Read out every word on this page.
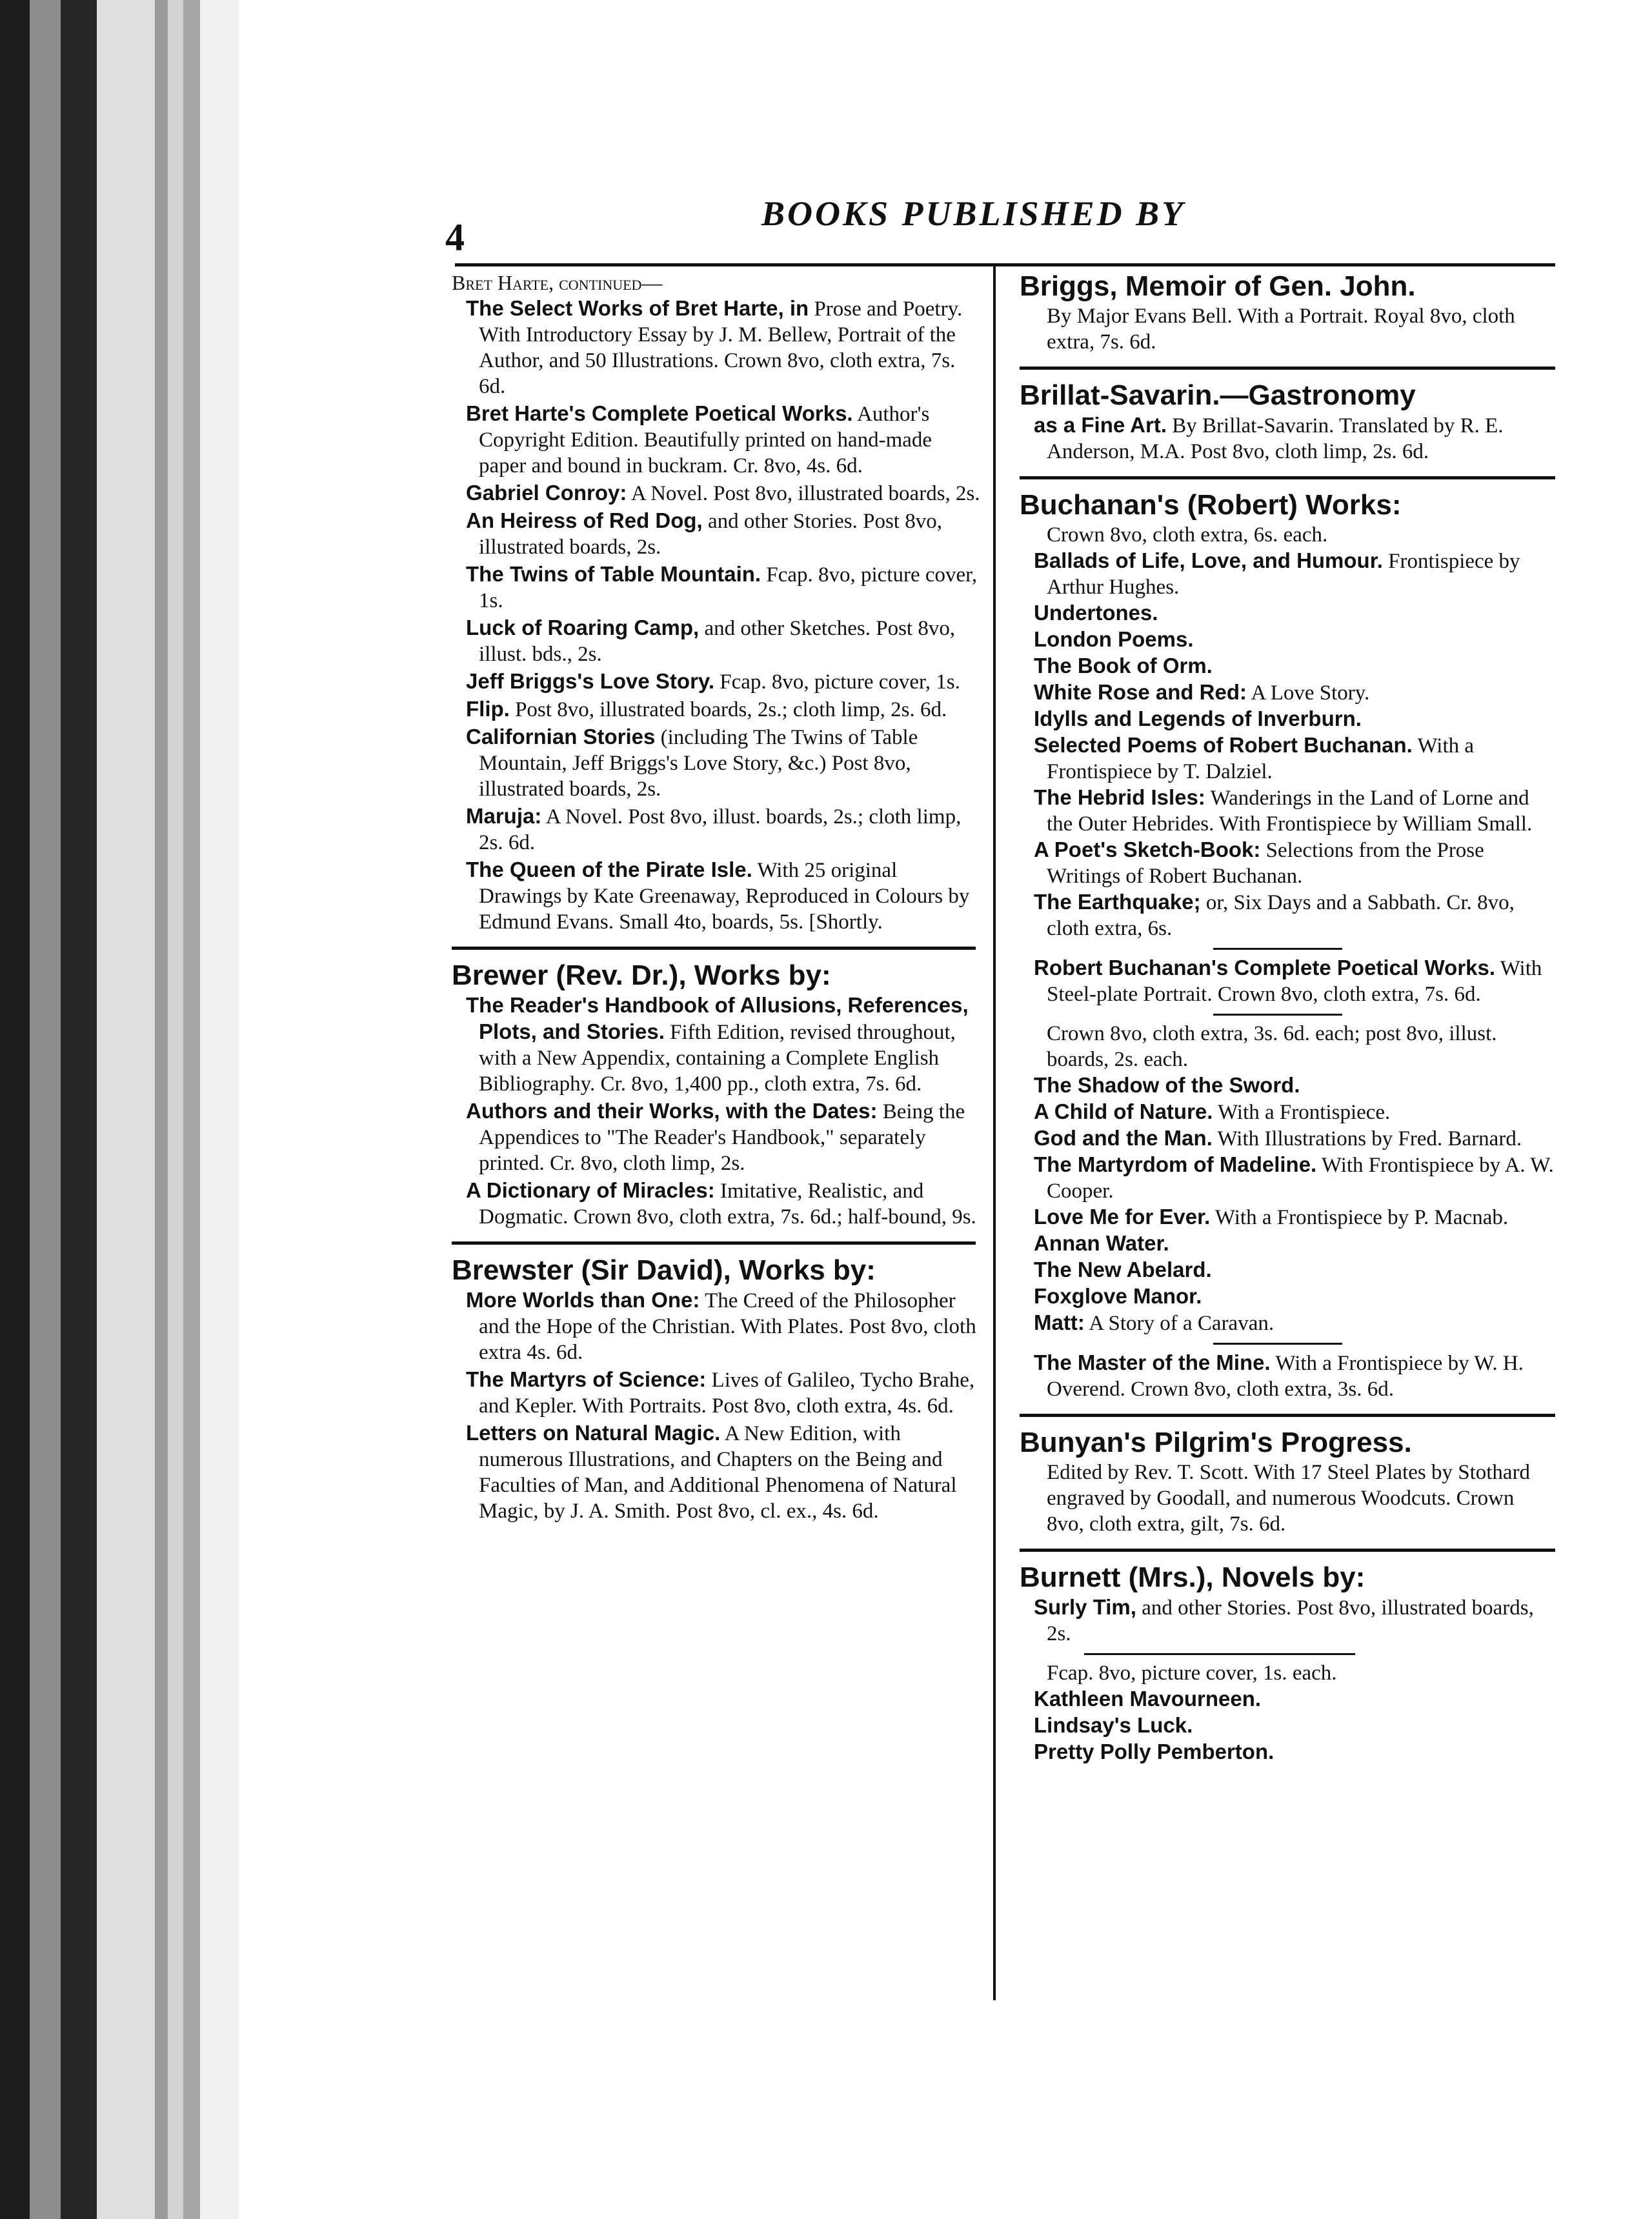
4
BOOKS PUBLISHED BY
Bret Harte, continued—

The Select Works of Bret Harte, in Prose and Poetry. With Introductory Essay by J. M. Bellew, Portrait of the Author, and 50 Illustrations. Crown 8vo, cloth extra, 7s. 6d.

Bret Harte's Complete Poetical Works. Author's Copyright Edition. Beautifully printed on hand-made paper and bound in buckram. Cr. 8vo, 4s. 6d.

Gabriel Conroy: A Novel. Post 8vo, illustrated boards, 2s.

An Heiress of Red Dog, and other Stories. Post 8vo, illustrated boards, 2s.

The Twins of Table Mountain. Fcap. 8vo, picture cover, 1s.

Luck of Roaring Camp, and other Sketches. Post 8vo, illust. bds., 2s.

Jeff Briggs's Love Story. Fcap. 8vo, picture cover, 1s.

Flip. Post 8vo, illustrated boards, 2s.; cloth limp, 2s. 6d.

Californian Stories (including The Twins of Table Mountain, Jeff Briggs's Love Story, &c.) Post 8vo, illustrated boards, 2s.

Maruja: A Novel. Post 8vo, illust. boards, 2s.; cloth limp, 2s. 6d.

The Queen of the Pirate Isle. With 25 original Drawings by Kate Greenaway, Reproduced in Colours by Edmund Evans. Small 4to, boards, 5s. [Shortly.

Brewer (Rev. Dr.), Works by:

The Reader's Handbook of Allusions, References, Plots, and Stories. Fifth Edition, revised throughout, with a New Appendix, containing a Complete English Bibliography. Cr. 8vo, 1,400 pp., cloth extra, 7s. 6d.

Authors and their Works, with the Dates: Being the Appendices to "The Reader's Handbook," separately printed. Cr. 8vo, cloth limp, 2s.

A Dictionary of Miracles: Imitative, Realistic, and Dogmatic. Crown 8vo, cloth extra, 7s. 6d.; half-bound, 9s.

Brewster (Sir David), Works by:

More Worlds than One: The Creed of the Philosopher and the Hope of the Christian. With Plates. Post 8vo, cloth extra 4s. 6d.

The Martyrs of Science: Lives of Galileo, Tycho Brahe, and Kepler. With Portraits. Post 8vo, cloth extra, 4s. 6d.

Letters on Natural Magic. A New Edition, with numerous Illustrations, and Chapters on the Being and Faculties of Man, and Additional Phenomena of Natural Magic, by J. A. Smith. Post 8vo, cl. ex., 4s. 6d.

Briggs, Memoir of Gen. John.
By Major Evans Bell. With a Portrait. Royal 8vo, cloth extra, 7s. 6d.
Brillat-Savarin.—Gastronomy

as a Fine Art. By Brillat-Savarin. Translated by R. E. Anderson, M.A. Post 8vo, cloth limp, 2s. 6d.

Buchanan's (Robert) Works:
Crown 8vo, cloth extra, 6s. each.

Ballads of Life, Love, and Humour. Frontispiece by Arthur Hughes.

Undertones.

London Poems.

The Book of Orm.

White Rose and Red: A Love Story.

Idylls and Legends of Inverburn.

Selected Poems of Robert Buchanan. With a Frontispiece by T. Dalziel.

The Hebrid Isles: Wanderings in the Land of Lorne and the Outer Hebrides. With Frontispiece by William Small.

A Poet's Sketch-Book: Selections from the Prose Writings of Robert Buchanan.

The Earthquake; or, Six Days and a Sabbath. Cr. 8vo, cloth extra, 6s.

Robert Buchanan's Complete Poetical Works. With Steel-plate Portrait. Crown 8vo, cloth extra, 7s. 6d.

Crown 8vo, cloth extra, 3s. 6d. each; post 8vo, illust. boards, 2s. each.

The Shadow of the Sword.

A Child of Nature. With a Frontispiece.

God and the Man. With Illustrations by Fred. Barnard.

The Martyrdom of Madeline. With Frontispiece by A. W. Cooper.

Love Me for Ever. With a Frontispiece by P. Macnab.

Annan Water.

The New Abelard.

Foxglove Manor.

Matt: A Story of a Caravan.

The Master of the Mine. With a Frontispiece by W. H. Overend. Crown 8vo, cloth extra, 3s. 6d.

Bunyan's Pilgrim's Progress.
Edited by Rev. T. Scott. With 17 Steel Plates by Stothard engraved by Goodall, and numerous Woodcuts. Crown 8vo, cloth extra, gilt, 7s. 6d.
Burnett (Mrs.), Novels by:

Surly Tim, and other Stories. Post 8vo, illustrated boards, 2s.

Fcap. 8vo, picture cover, 1s. each.

Kathleen Mavourneen.

Lindsay's Luck.

Pretty Polly Pemberton.
